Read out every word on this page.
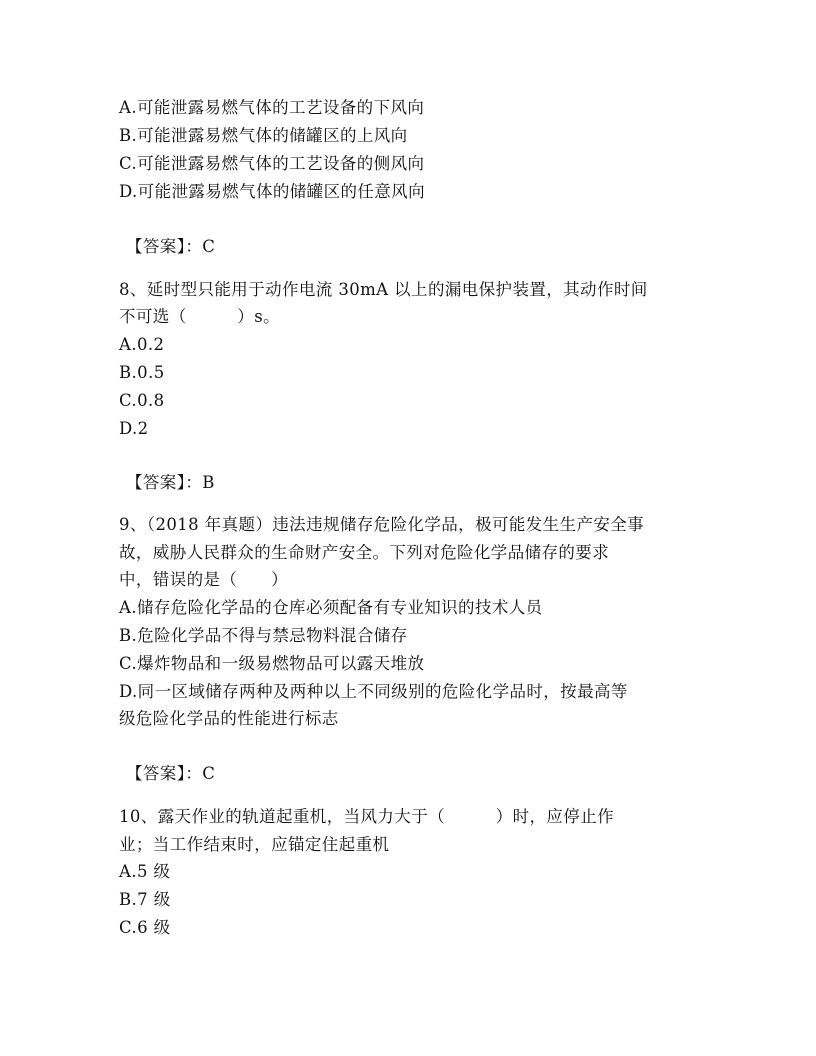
A.可能泄露易燃气体的工艺设备的下风向
B.可能泄露易燃气体的储罐区的上风向
C.可能泄露易燃气体的工艺设备的侧风向
D.可能泄露易燃气体的储罐区的任意风向
【答案】：C
8、延时型只能用于动作电流 30mA 以上的漏电保护装置，其动作时间
不可选（　　　）s。
A.0.2
B.0.5
C.0.8
D.2
【答案】：B
9、（2018 年真题）违法违规储存危险化学品，极可能发生生产安全事
故，威胁人民群众的生命财产安全。下列对危险化学品储存的要求
中，错误的是（　　）
A.储存危险化学品的仓库必须配备有专业知识的技术人员
B.危险化学品不得与禁忌物料混合储存
C.爆炸物品和一级易燃物品可以露天堆放
D.同一区域储存两种及两种以上不同级别的危险化学品时，按最高等
级危险化学品的性能进行标志
【答案】：C
10、露天作业的轨道起重机，当风力大于（　　　）时，应停止作
业；当工作结束时，应锚定住起重机
A.5 级
B.7 级
C.6 级
